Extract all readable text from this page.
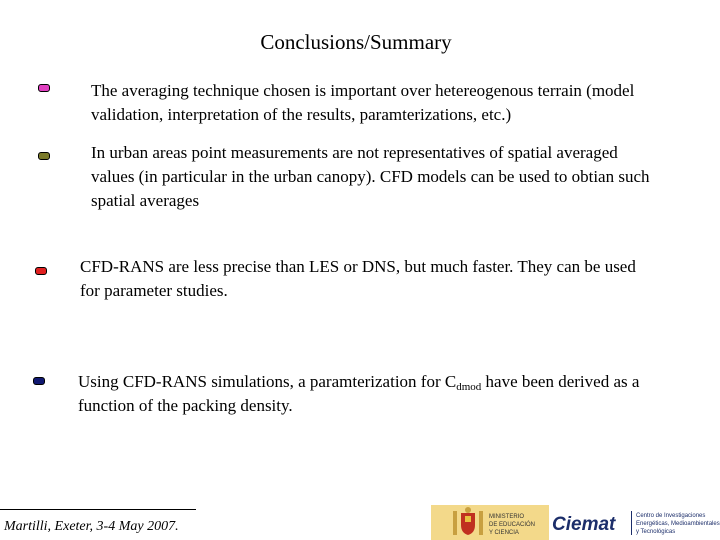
Conclusions/Summary

The averaging technique chosen is important over hetereogenous terrain (model validation, interpretation of the results, paramterizations, etc.)

In urban areas point measurements are not representatives of spatial averaged values (in particular in the urban canopy). CFD models can be used to obtian such spatial averages

CFD-RANS are less precise than LES or DNS, but much faster. They can be used for parameter studies.

Using CFD-RANS simulations, a paramterization for $C_{dmod}$ have been derived as a function of the packing density.

Martilli, Exeter, 3-4 May 2007.
MINISTERIO
DE EDUCACIÓN
Y CIENCIA Ciemat	Centro de Investigaciones
Energéticas, Medioambientales
y Tecnológicas
